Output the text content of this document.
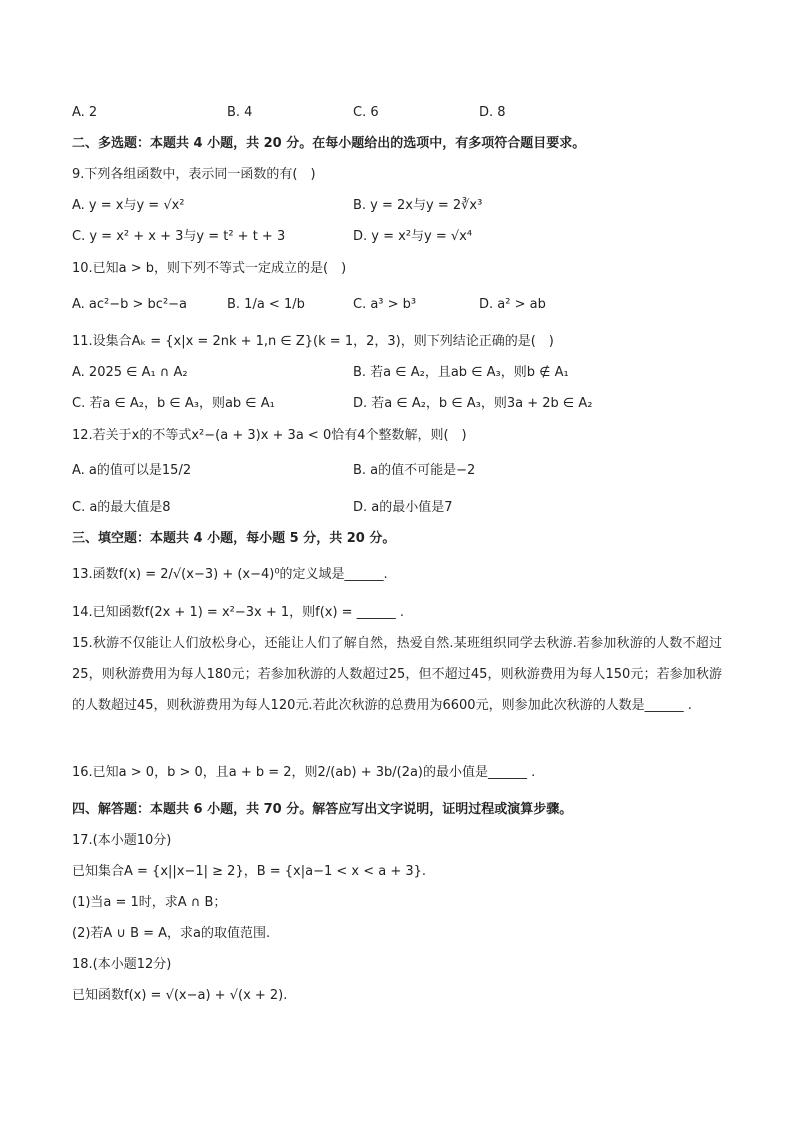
A. 2	B. 4	C. 6	D. 8
二、多选题：本题共 4 小题，共 20 分。在每小题给出的选项中，有多项符合题目要求。
9.下列各组函数中，表示同一函数的有(　)
A. y = x与y = √x²	B. y = 2x与y = 2∛x³
C. y = x² + x + 3与y = t² + t + 3	D. y = x²与y = √x⁴
10.已知a > b，则下列不等式一定成立的是(　)
A. ac²−b > bc²−a	B. 1/a < 1/b	C. a³ > b³	D. a² > ab
11.设集合Aₖ = {x|x = 2nk + 1,n ∈ Z}(k = 1，2，3)，则下列结论正确的是(　)
A. 2025 ∈ A₁ ∩ A₂	B. 若a ∈ A₂，且ab ∈ A₃，则b ∉ A₁
C. 若a ∈ A₂，b ∈ A₃，则ab ∈ A₁	D. 若a ∈ A₂，b ∈ A₃，则3a + 2b ∈ A₂
12.若关于x的不等式x²−(a + 3)x + 3a < 0恰有4个整数解，则(　)
A. a的值可以是15/2	B. a的值不可能是−2
C. a的最大值是8	D. a的最小值是7
三、填空题：本题共 4 小题，每小题 5 分，共 20 分。
13.函数f(x) = 2/√(x−3) + (x−4)⁰的定义域是______.
14.已知函数f(2x + 1) = x²−3x + 1，则f(x) = ______ .
15.秋游不仅能让人们放松身心，还能让人们了解自然，热爱自然.某班组织同学去秋游.若参加秋游的人数不超过25，则秋游费用为每人180元；若参加秋游的人数超过25，但不超过45，则秋游费用为每人150元；若参加秋游的人数超过45，则秋游费用为每人120元.若此次秋游的总费用为6600元，则参加此次秋游的人数是______ .
16.已知a > 0，b > 0，且a + b = 2，则2/(ab) + 3b/(2a)的最小值是______ .
四、解答题：本题共 6 小题，共 70 分。解答应写出文字说明，证明过程或演算步骤。
17.(本小题10分)
已知集合A = {x||x−1| ≥ 2}，B = {x|a−1 < x < a + 3}.
(1)当a = 1时，求A ∩ B；
(2)若A ∪ B = A，求a的取值范围.
18.(本小题12分)
已知函数f(x) = √(x−a) + √(x + 2).
